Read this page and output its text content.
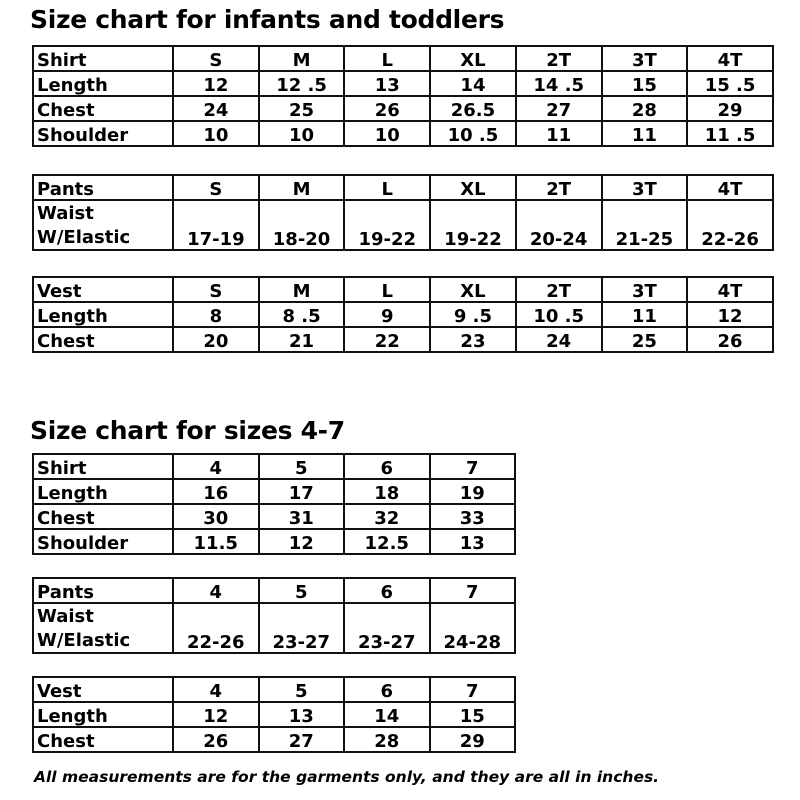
Size chart for infants and toddlers
Shirt	S	M	L	XL	2T	3T	4T
Length	12	12 .5	13	14	14 .5	15	15 .5
Chest	24	25	26	26.5	27	28	29
Shoulder	10	10	10	10 .5	11	11	11 .5
Pants	S	M	L	XL	2T	3T	4T

Waist
W/Elastic	17-19	18-20	19-22	19-22	20-24	21-25	22-26
Vest	S	M	L	XL	2T	3T	4T
Length	8	8 .5	9	9 .5	10 .5	11	12
Chest	20	21	22	23	24	25	26
Size chart for sizes 4-7
Shirt	4	5	6	7
Length	16	17	18	19
Chest	30	31	32	33
Shoulder	11.5	12	12.5	13
Pants	4	5	6	7

Waist
W/Elastic	22-26	23-27	23-27	24-28
Vest	4	5	6	7
Length	12	13	14	15
Chest	26	27	28	29
All measurements are for the garments only, and they are all in inches.
